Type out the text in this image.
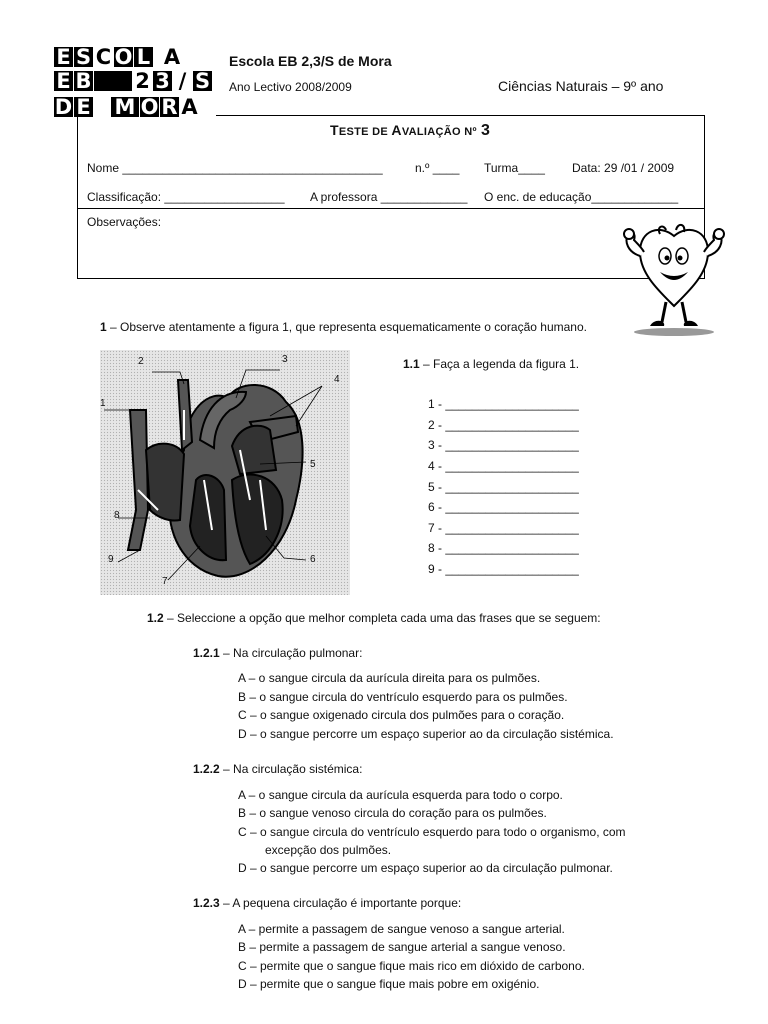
E S C O L A
E B 2 3 / S
D E M O R A
Escola EB 2,3/S de Mora
Ano Lectivo 2008/2009	Ciências Naturais – 9º ano
TESTE DE AVALIAÇÃO Nº 3
Nome _______________________________________	n.º ____ Turma____ Data: 29 /01 / 2009
Classificação: __________________ A professora _____________ O enc. de educação_____________
Observações:
1 – Observe atentamente a figura 1, que representa esquematicamente o coração humano.
1
2	3
4
5
6
7
8
9
1.1 – Faça a legenda da figura 1.
1 - ____________________
2 - ____________________
3 - ____________________
4 - ____________________
5 - ____________________
6 - ____________________
7 - ____________________
8 - ____________________
9 - ____________________
1.2 – Seleccione a opção que melhor completa cada uma das frases que se seguem:
1.2.1 – Na circulação pulmonar:
A – o sangue circula da aurícula direita para os pulmões.
B – o sangue circula do ventrículo esquerdo para os pulmões.
C – o sangue oxigenado circula dos pulmões para o coração.
D – o sangue percorre um espaço superior ao da circulação sistémica.
1.2.2 – Na circulação sistémica:
A – o sangue circula da aurícula esquerda para todo o corpo.
B – o sangue venoso circula do coração para os pulmões.
C – o sangue circula do ventrículo esquerdo para todo o organismo, com
excepção dos pulmões.
D – o sangue percorre um espaço superior ao da circulação pulmonar.
1.2.3 – A pequena circulação é importante porque:
A – permite a passagem de sangue venoso a sangue arterial.
B – permite a passagem de sangue arterial a sangue venoso.
C – permite que o sangue fique mais rico em dióxido de carbono.
D – permite que o sangue fique mais pobre em oxigénio.
